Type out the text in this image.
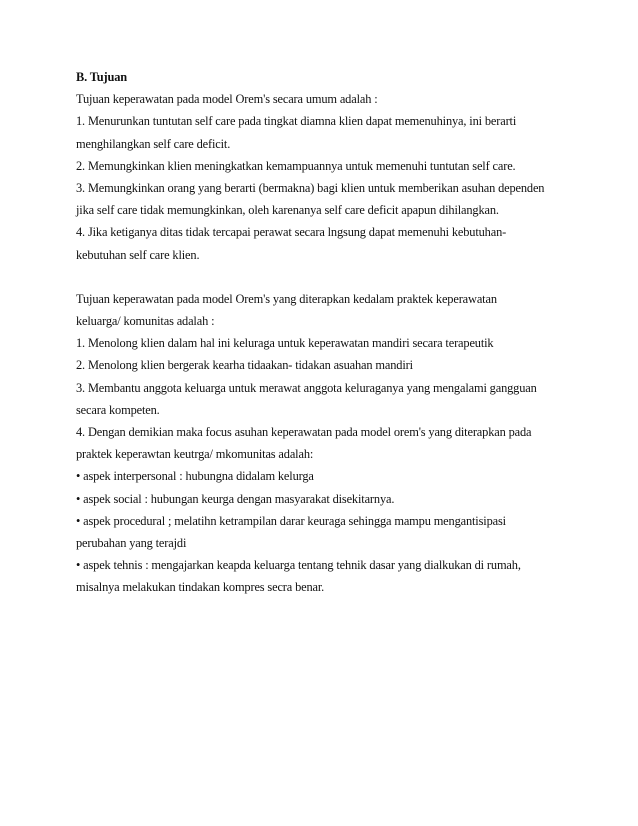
B. Tujuan
Tujuan keperawatan pada model Orem's secara umum adalah :
1. Menurunkan tuntutan self care pada tingkat diamna klien dapat memenuhinya, ini berarti
menghilangkan self care deficit.
2. Memungkinkan klien meningkatkan kemampuannya untuk memenuhi tuntutan self care.
3. Memungkinkan orang yang berarti (bermakna) bagi klien untuk memberikan asuhan dependen
jika self care tidak memungkinkan, oleh karenanya self care deficit apapun dihilangkan.
4. Jika ketiganya ditas tidak tercapai perawat secara lngsung dapat memenuhi kebutuhan-
kebutuhan self care klien.
Tujuan keperawatan pada model Orem's yang diterapkan kedalam praktek keperawatan
keluarga/ komunitas adalah :
1. Menolong klien dalam hal ini keluraga untuk keperawatan mandiri secara terapeutik
2. Menolong klien bergerak kearha tidaakan- tidakan asuahan mandiri
3. Membantu anggota keluarga untuk merawat anggota keluraganya yang mengalami gangguan
secara kompeten.
4. Dengan demikian maka focus asuhan keperawatan pada model orem's yang diterapkan pada
praktek keperawtan keutrga/ mkomunitas adalah:
• aspek interpersonal : hubungna didalam kelurga
• aspek social : hubungan keurga dengan masyarakat disekitarnya.
• aspek procedural ; melatihn ketrampilan darar keuraga sehingga mampu mengantisipasi
perubahan yang terajdi
• aspek tehnis : mengajarkan keapda keluarga tentang tehnik dasar yang dialkukan di rumah,
misalnya melakukan tindakan kompres secra benar.
